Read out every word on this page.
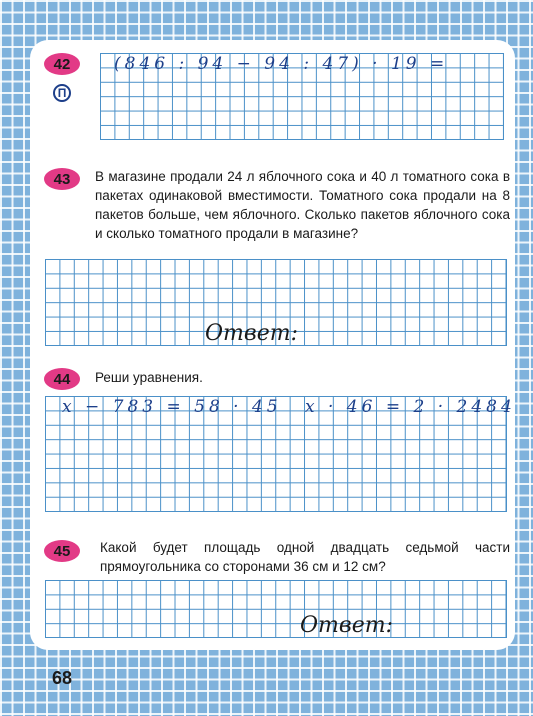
42
П
(846 : 94 − 94 : 47) · 19 =
43 В магазине продали 24 л яблочного сока и 40 л томатного сока в пакетах одинаковой вместимости. Томатного сока продали на 8 пакетов больше, чем яблочного. Сколько пакетов яблочного сока и сколько томатного продали в магазине?
Ответ:
44 Реши уравнения.
x − 783 = 58 · 45 x · 46 = 2 · 2484
45 Какой будет площадь одной двадцать седьмой части прямоугольника со сторонами 36 см и 12 см?
Ответ:
68
